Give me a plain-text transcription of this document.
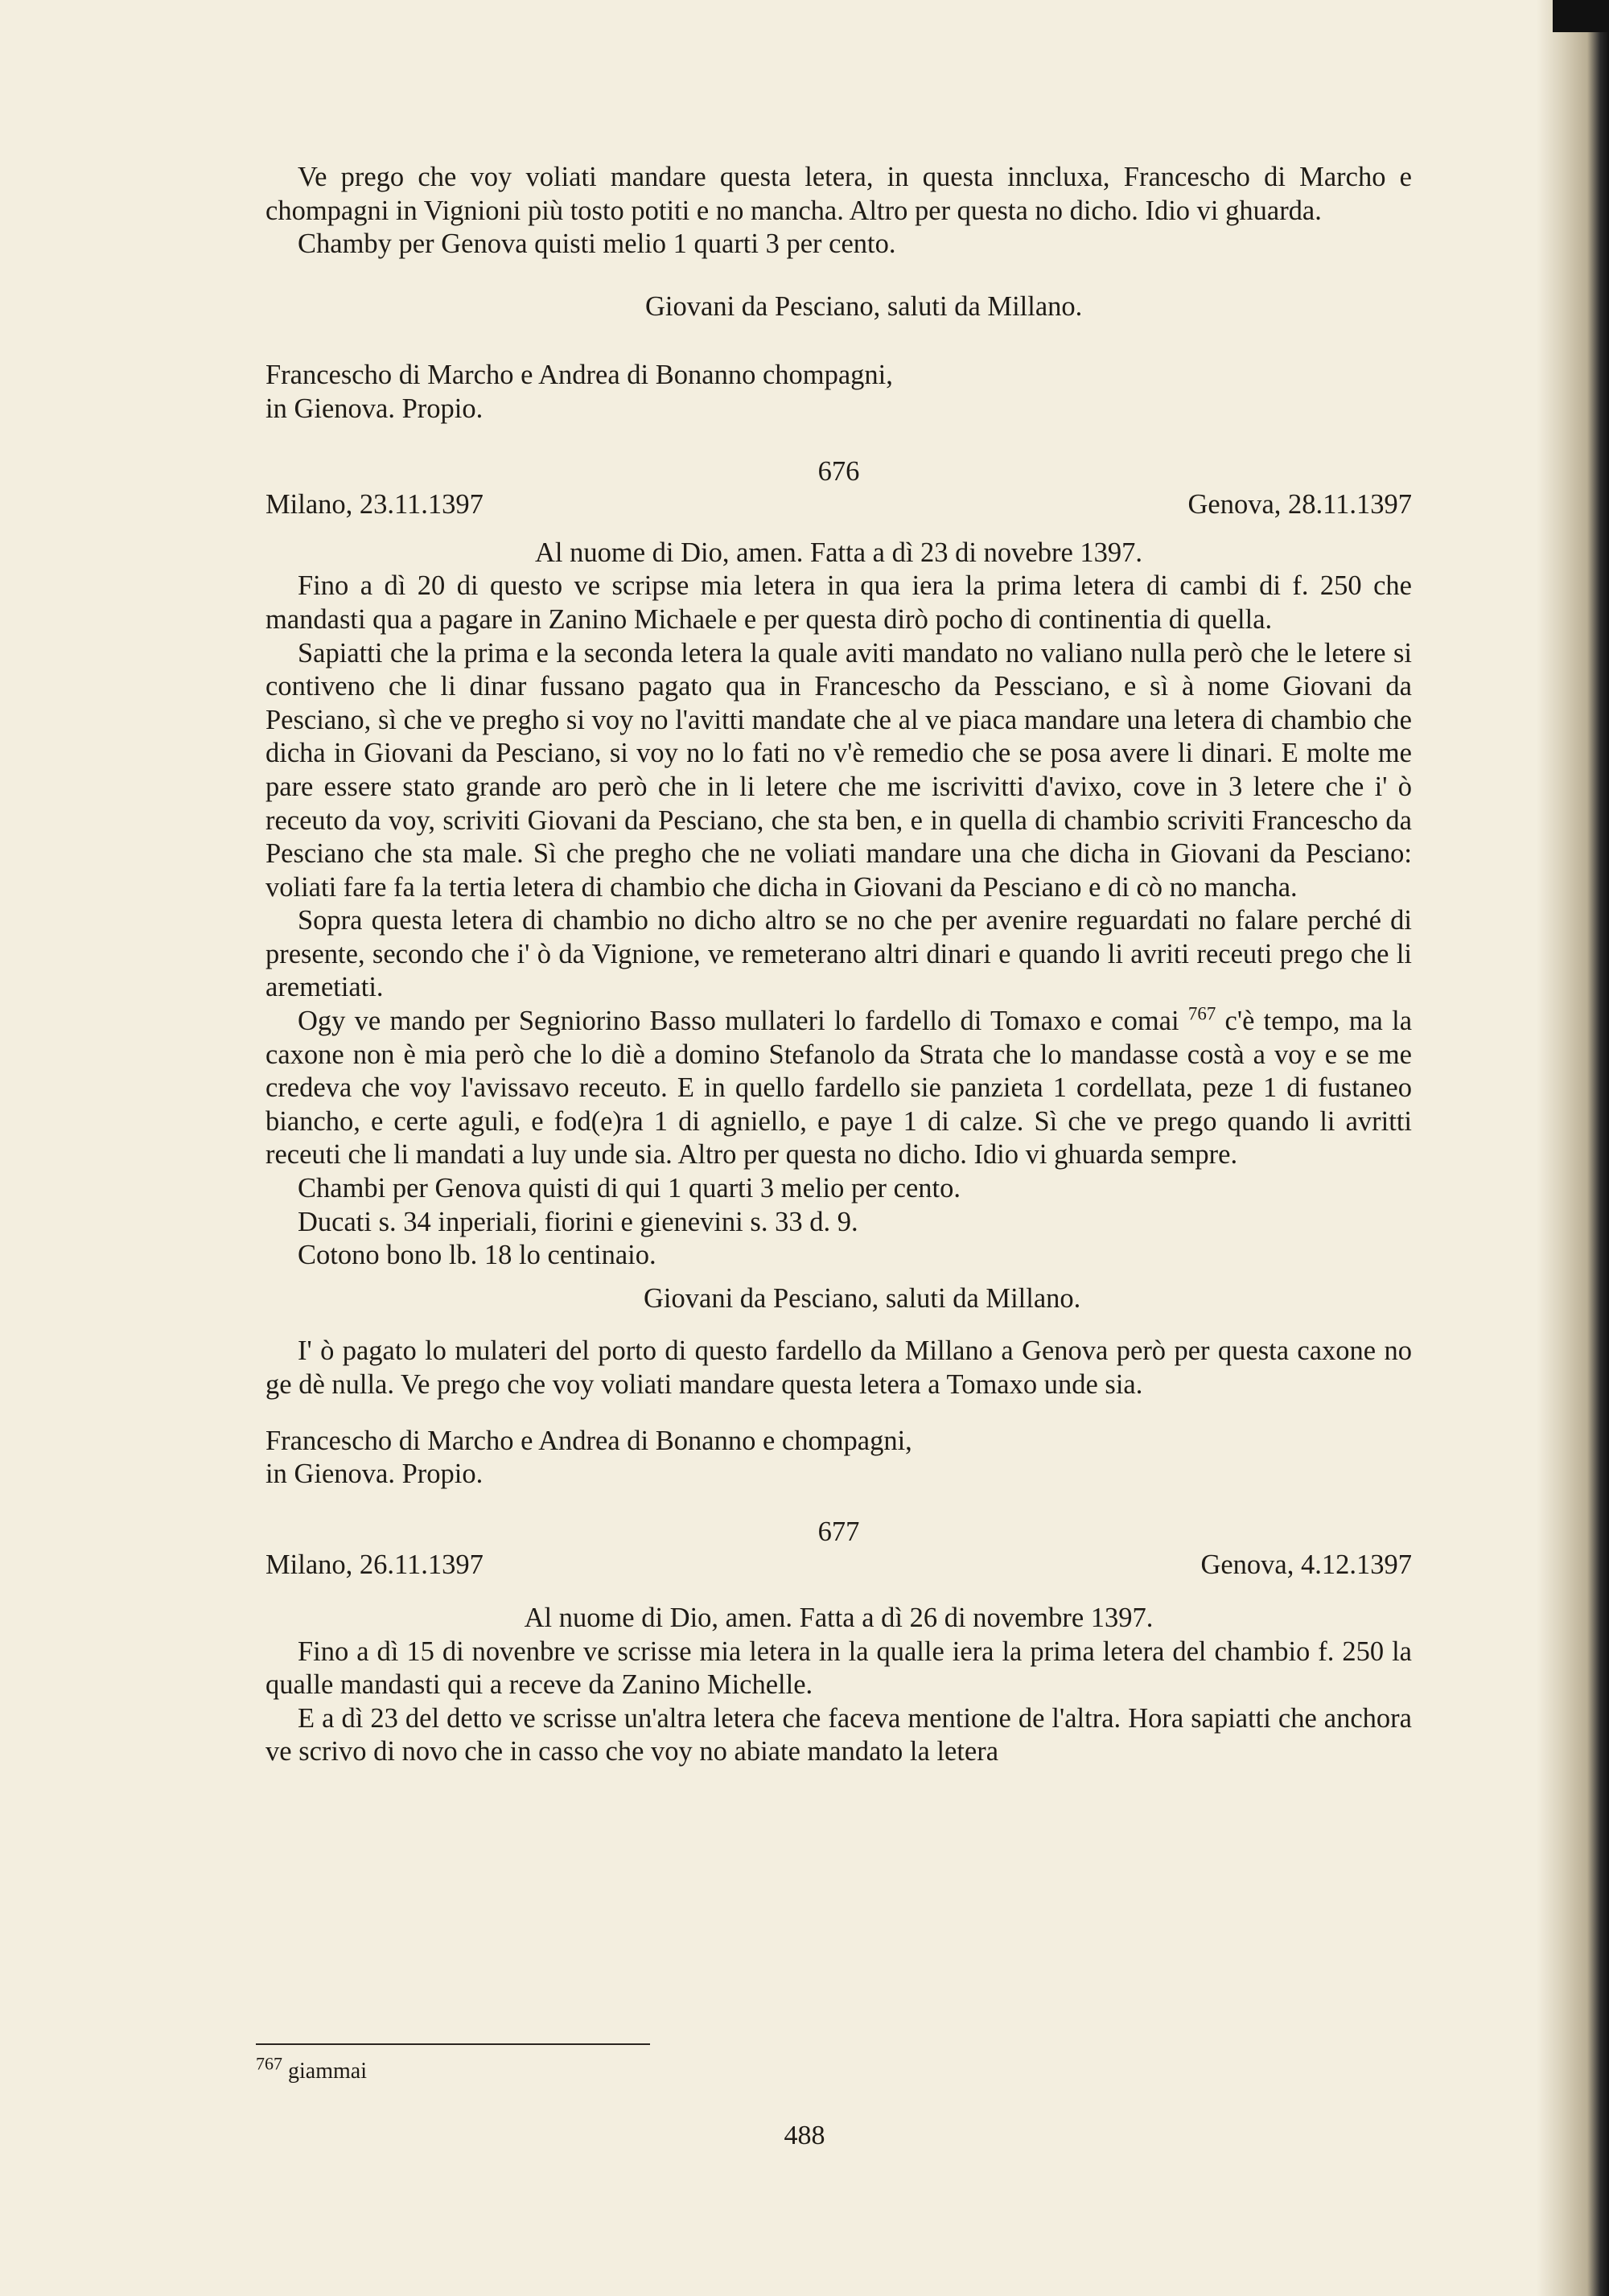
Ve prego che voy voliati mandare questa letera, in questa inncluxa, Francescho di Marcho e chompagni in Vignioni più tosto potiti e no mancha. Altro per questa no dicho. Idio vi ghuarda.

Chamby per Genova quisti melio 1 quarti 3 per cento.

Giovani da Pesciano, saluti da Millano.

Francescho di Marcho e Andrea di Bonanno chompagni,

in Gienova. Propio.

676

Milano, 23.11.1397	Genova, 28.11.1397

Al nuome di Dio, amen. Fatta a dì 23 di novebre 1397.

Fino a dì 20 di questo ve scripse mia letera in qua iera la prima letera di cambi di f. 250 che mandasti qua a pagare in Zanino Michaele e per questa dirò pocho di continentia di quella.

Sapiatti che la prima e la seconda letera la quale aviti mandato no valiano nulla però che le letere si contiveno che li dinar fussano pagato qua in Francescho da Pessciano, e sì à nome Giovani da Pesciano, sì che ve pregho si voy no l'avitti mandate che al ve piaca mandare una letera di chambio che dicha in Giovani da Pesciano, si voy no lo fati no v'è remedio che se posa avere li dinari. E molte me pare essere stato grande aro però che in li letere che me iscrivitti d'avixo, cove in 3 letere che i' ò receuto da voy, scriviti Giovani da Pesciano, che sta ben, e in quella di chambio scriviti Francescho da Pesciano che sta male. Sì che pregho che ne voliati mandare una che dicha in Giovani da Pesciano: voliati fare fa la tertia letera di chambio che dicha in Giovani da Pesciano e di cò no mancha.

Sopra questa letera di chambio no dicho altro se no che per avenire reguardati no falare perché di presente, secondo che i' ò da Vignione, ve remeterano altri dinari e quando li avriti receuti prego che li aremetiati.

Ogy ve mando per Segniorino Basso mullateri lo fardello di Tomaxo e comai $^{767}$ c'è tempo, ma la caxone non è mia però che lo diè a domino Stefanolo da Strata che lo mandasse costà a voy e se me credeva che voy l'avissavo receuto. E in quello fardello sie panzieta 1 cordellata, peze 1 di fustaneo biancho, e certe aguli, e fod(e)ra 1 di agniello, e paye 1 di calze. Sì che ve prego quando li avritti receuti che li mandati a luy unde sia. Altro per questa no dicho. Idio vi ghuarda sempre.

Chambi per Genova quisti di qui 1 quarti 3 melio per cento.

Ducati s. 34 inperiali, fiorini e gienevini s. 33 d. 9.

Cotono bono lb. 18 lo centinaio.

Giovani da Pesciano, saluti da Millano.

I' ò pagato lo mulateri del porto di questo fardello da Millano a Genova però per questa caxone no ge dè nulla. Ve prego che voy voliati mandare questa letera a Tomaxo unde sia.

Francescho di Marcho e Andrea di Bonanno e chompagni,

in Gienova. Propio.

677

Milano, 26.11.1397	Genova, 4.12.1397

Al nuome di Dio, amen. Fatta a dì 26 di novembre 1397.

Fino a dì 15 di novenbre ve scrisse mia letera in la qualle iera la prima letera del chambio f. 250 la qualle mandasti qui a receve da Zanino Michelle.

E a dì 23 del detto ve scrisse un'altra letera che faceva mentione de l'altra. Hora sapiatti che anchora ve scrivo di novo che in casso che voy no abiate mandato la letera

$^{767}$ giammai
488
